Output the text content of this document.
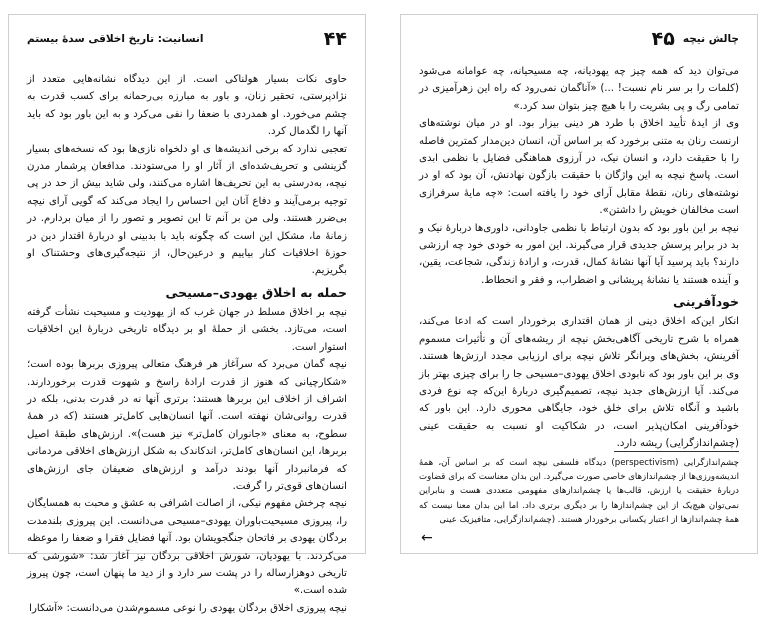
۴۴
انسانیت: تاریخ اخلاقی سدهٔ بیستم

حاوی نکات بسیار هولناکی است. از این دیدگاه نشانه‌هایی متعدد از نژادپرستی، تحقیر زنان، و باور به مبارزه بی‌رحمانه برای کسب قدرت به چشم می‌خورد. او همدردی با ضعفا را نفی می‌کرد و به این باور بود که باید آنها را لگدمال کرد.

تعجبی ندارد که برخی اندیشه‌ها ی او دلخواه نازی‌ها بود که نسخه‌های بسیار گزینشی و تحریف‌شده‌ای از آثار او را می‌ستودند. مدافعان پرشمار مدرن نیچه، به‌درستی به این تحریف‌ها اشاره می‌کنند، ولی شاید بیش از حد در پی توجیه برمی‌آیند و دفاع آنان این احساس را ایجاد می‌کند که گویی آرای نیچه بی‌ضرر هستند. ولی من بر آنم تا این تصویر و تصور را از میان بردارم. در زمانهٔ ما، مشکل این است که چگونه باید با بدبینی او دربارهٔ اقتدار دین در حوزهٔ اخلاقیات کنار بیاییم و درعین‌حال، از نتیجه‌گیری‌های وحشتناک او بگریزیم.

حمله به اخلاق یهودی–مسیحی

نیچه بر اخلاق مسلط در جهان غرب که از یهودیت و مسیحیت نشأت گرفته است، می‌تازد. بخشی از حملهٔ او بر دیدگاه تاریخی دربارهٔ این اخلاقیات استوار است.

نیچه گمان می‌برد که سرآغاز هر فرهنگ متعالی پیروزی بربرها بوده است؛ «شکارچیانی که هنوز از قدرت ارادهٔ راسخ و شهوت قدرت برخوردارند. اشراف از اخلاف این بربرها هستند: برتری آنها نه در قدرت بدنی، بلکه در قدرت روانی‌شان نهفته است. آنها انسان‌هایی کامل‌تر هستند (که در همهٔ سطوح، به معنای «جانوران کامل‌تر» نیز هست)». ارزش‌های طبقهٔ اصیل بربرها، این انسان‌های کامل‌تر، اندکاندک به شکل ارزش‌های اخلاقی مردمانی که فرمانبردار آنها بودند درآمد و ارزش‌های ضعیفان جای ارزش‌های انسان‌های قوی‌تر را گرفت.

نیچه چرخش مفهوم نیکی، از اصالت اشرافی به عشق و محبت به همسایگان را، پیروزی مسیحیت‌باوران یهودی–مسیحی می‌دانست. این پیروزی بلندمدت بردگان یهودی بر فاتحان جنگجویشان بود. آنها فضایل فقرا و ضعفا را موعظه می‌کردند. با یهودیان، شورش اخلاقی بردگان نیز آغاز شد: «شورشی که تاریخی دوهزارساله را در پشت سر دارد و از دید ما پنهان است، چون پیروز شده است.»

نیچه پیروزی اخلاق بردگان یهودی را نوعی مسموم‌شدن می‌دانست: «آشکارا

چالش نیچه
۴۵

می‌توان دید که همه چیز چه یهودیانه، چه مسیحیانه، چه عوامانه می‌شود (کلمات را بر سر نام نسبت! ...) «آناگمان نمی‌رود که راه این زهرآمیزی در تمامی رگ و پی بشریت را با هیچ چیز بتوان سد کرد.»

وی از ایدهٔ تأیید اخلاق با طرد هر دینی بیزار بود. او در میان نوشته‌های ارنست رنان به متنی برخورد که بر اساس آن، انسان دین‌مدار کمترین فاصله را با حقیقت دارد، و انسان نیک، در آرزوی هماهنگی فضایل با نظمی ابدی است. پاسخ نیچه به این واژگان با حقیقت بازگون نهادنش، آن بود که او در نوشته‌های رنان، نقطهٔ مقابل آرای خود را یافته است: «چه مایهٔ سرفرازی است مخالفان خویش را داشتن».

نیچه بر این باور بود که بدون ارتباط با نظمی جاودانی، داوری‌ها دربارهٔ نیک و بد در برابر پرسش جدیدی قرار می‌گیرند. این امور به خودی خود چه ارزشی دارند؟ باید پرسید آیا آنها نشانهٔ کمال، قدرت، و ارادهٔ زندگی، شجاعت، یقین، و آینده هستند یا نشانهٔ پریشانی و اضطراب، و فقر و انحطاط.

خودآفرینی

انکار این‌که اخلاق دینی از همان اقتداری برخوردار است که ادعا می‌کند، همراه با شرح تاریخی آگاهی‌بخش نیچه از ریشه‌های آن و تأثیرات مسموم آفرینش، بخش‌های ویرانگر تلاش نیچه برای ارزیابی مجدد ارزش‌ها هستند. وی بر این باور بود که نابودی اخلاق یهودی–مسیحی جا را برای چیزی بهتر باز می‌کند. آیا ارزش‌های جدید نیچه، تصمیم‌گیری دربارهٔ این‌که چه نوع فردی باشید و آنگاه تلاش برای خلق خود، جایگاهی محوری دارد. این باور که خودآفرینی امکان‌پذیر است، در شکاکیت او نسبت به حقیقت عینی (چشم‌اندازگرایی) ریشه دارد.

چشم‌اندازگرایی (perspectivism) دیدگاه فلسفی نیچه است که بر اساس آن، همهٔ اندیشه‌ورزی‌ها از چشم‌اندازهای خاصی صورت می‌گیرد. این بدان معناست که برای قضاوت دربارهٔ حقیقت یا ارزش، قالب‌ها یا چشم‌اندازهای مفهومی متعددی هست و بنابراین نمی‌توان هیچ‌یک از این چشم‌اندازها را بر دیگری برتری داد. اما این بدان معنا نیست که همهٔ چشم‌اندازها از اعتبار یکسانی برخوردار هستند. (چشم‌اندازگرایی، متافیزیک عینی
←
